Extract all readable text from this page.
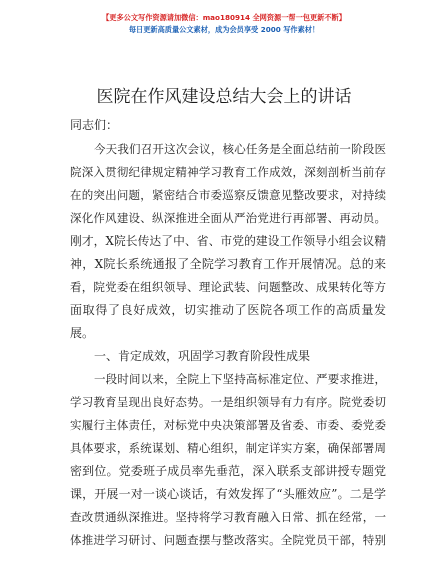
【更多公文写作资源请加微信：mao180914 全网资源一帮一包更新不断】
每日更新高质量公文素材，成为会员享受 2000 写作素材！
医院在作风建设总结大会上的讲话
同志们：
今天我们召开这次会议，核心任务是全面总结前一阶段医
院深入贯彻纪律规定精神学习教育工作成效，深刻剖析当前存
在的突出问题，紧密结合市委巡察反馈意见整改要求，对持续
深化作风建设、纵深推进全面从严治党进行再部署、再动员。
刚才，X院长传达了中、省、市党的建设工作领导小组会议精
神，X院长系统通报了全院学习教育工作开展情况。总的来
看，院党委在组织领导、理论武装、问题整改、成果转化等方
面取得了良好成效，切实推动了医院各项工作的高质量发
展。
一、肯定成效，巩固学习教育阶段性成果
一段时间以来，全院上下坚持高标准定位、严要求推进，
学习教育呈现出良好态势。一是组织领导有力有序。院党委切
实履行主体责任，对标党中央决策部署及省委、市委、委党委
具体要求，系统谋划、精心组织，制定详实方案，确保部署周
密到位。党委班子成员率先垂范，深入联系支部讲授专题党
课，开展一对一谈心谈话，有效发挥了“头雁效应”。二是学
查改贯通纵深推进。坚持将学习教育融入日常、抓在经常，一
体推进学习研讨、问题查摆与整改落实。全院党员干部，特别
